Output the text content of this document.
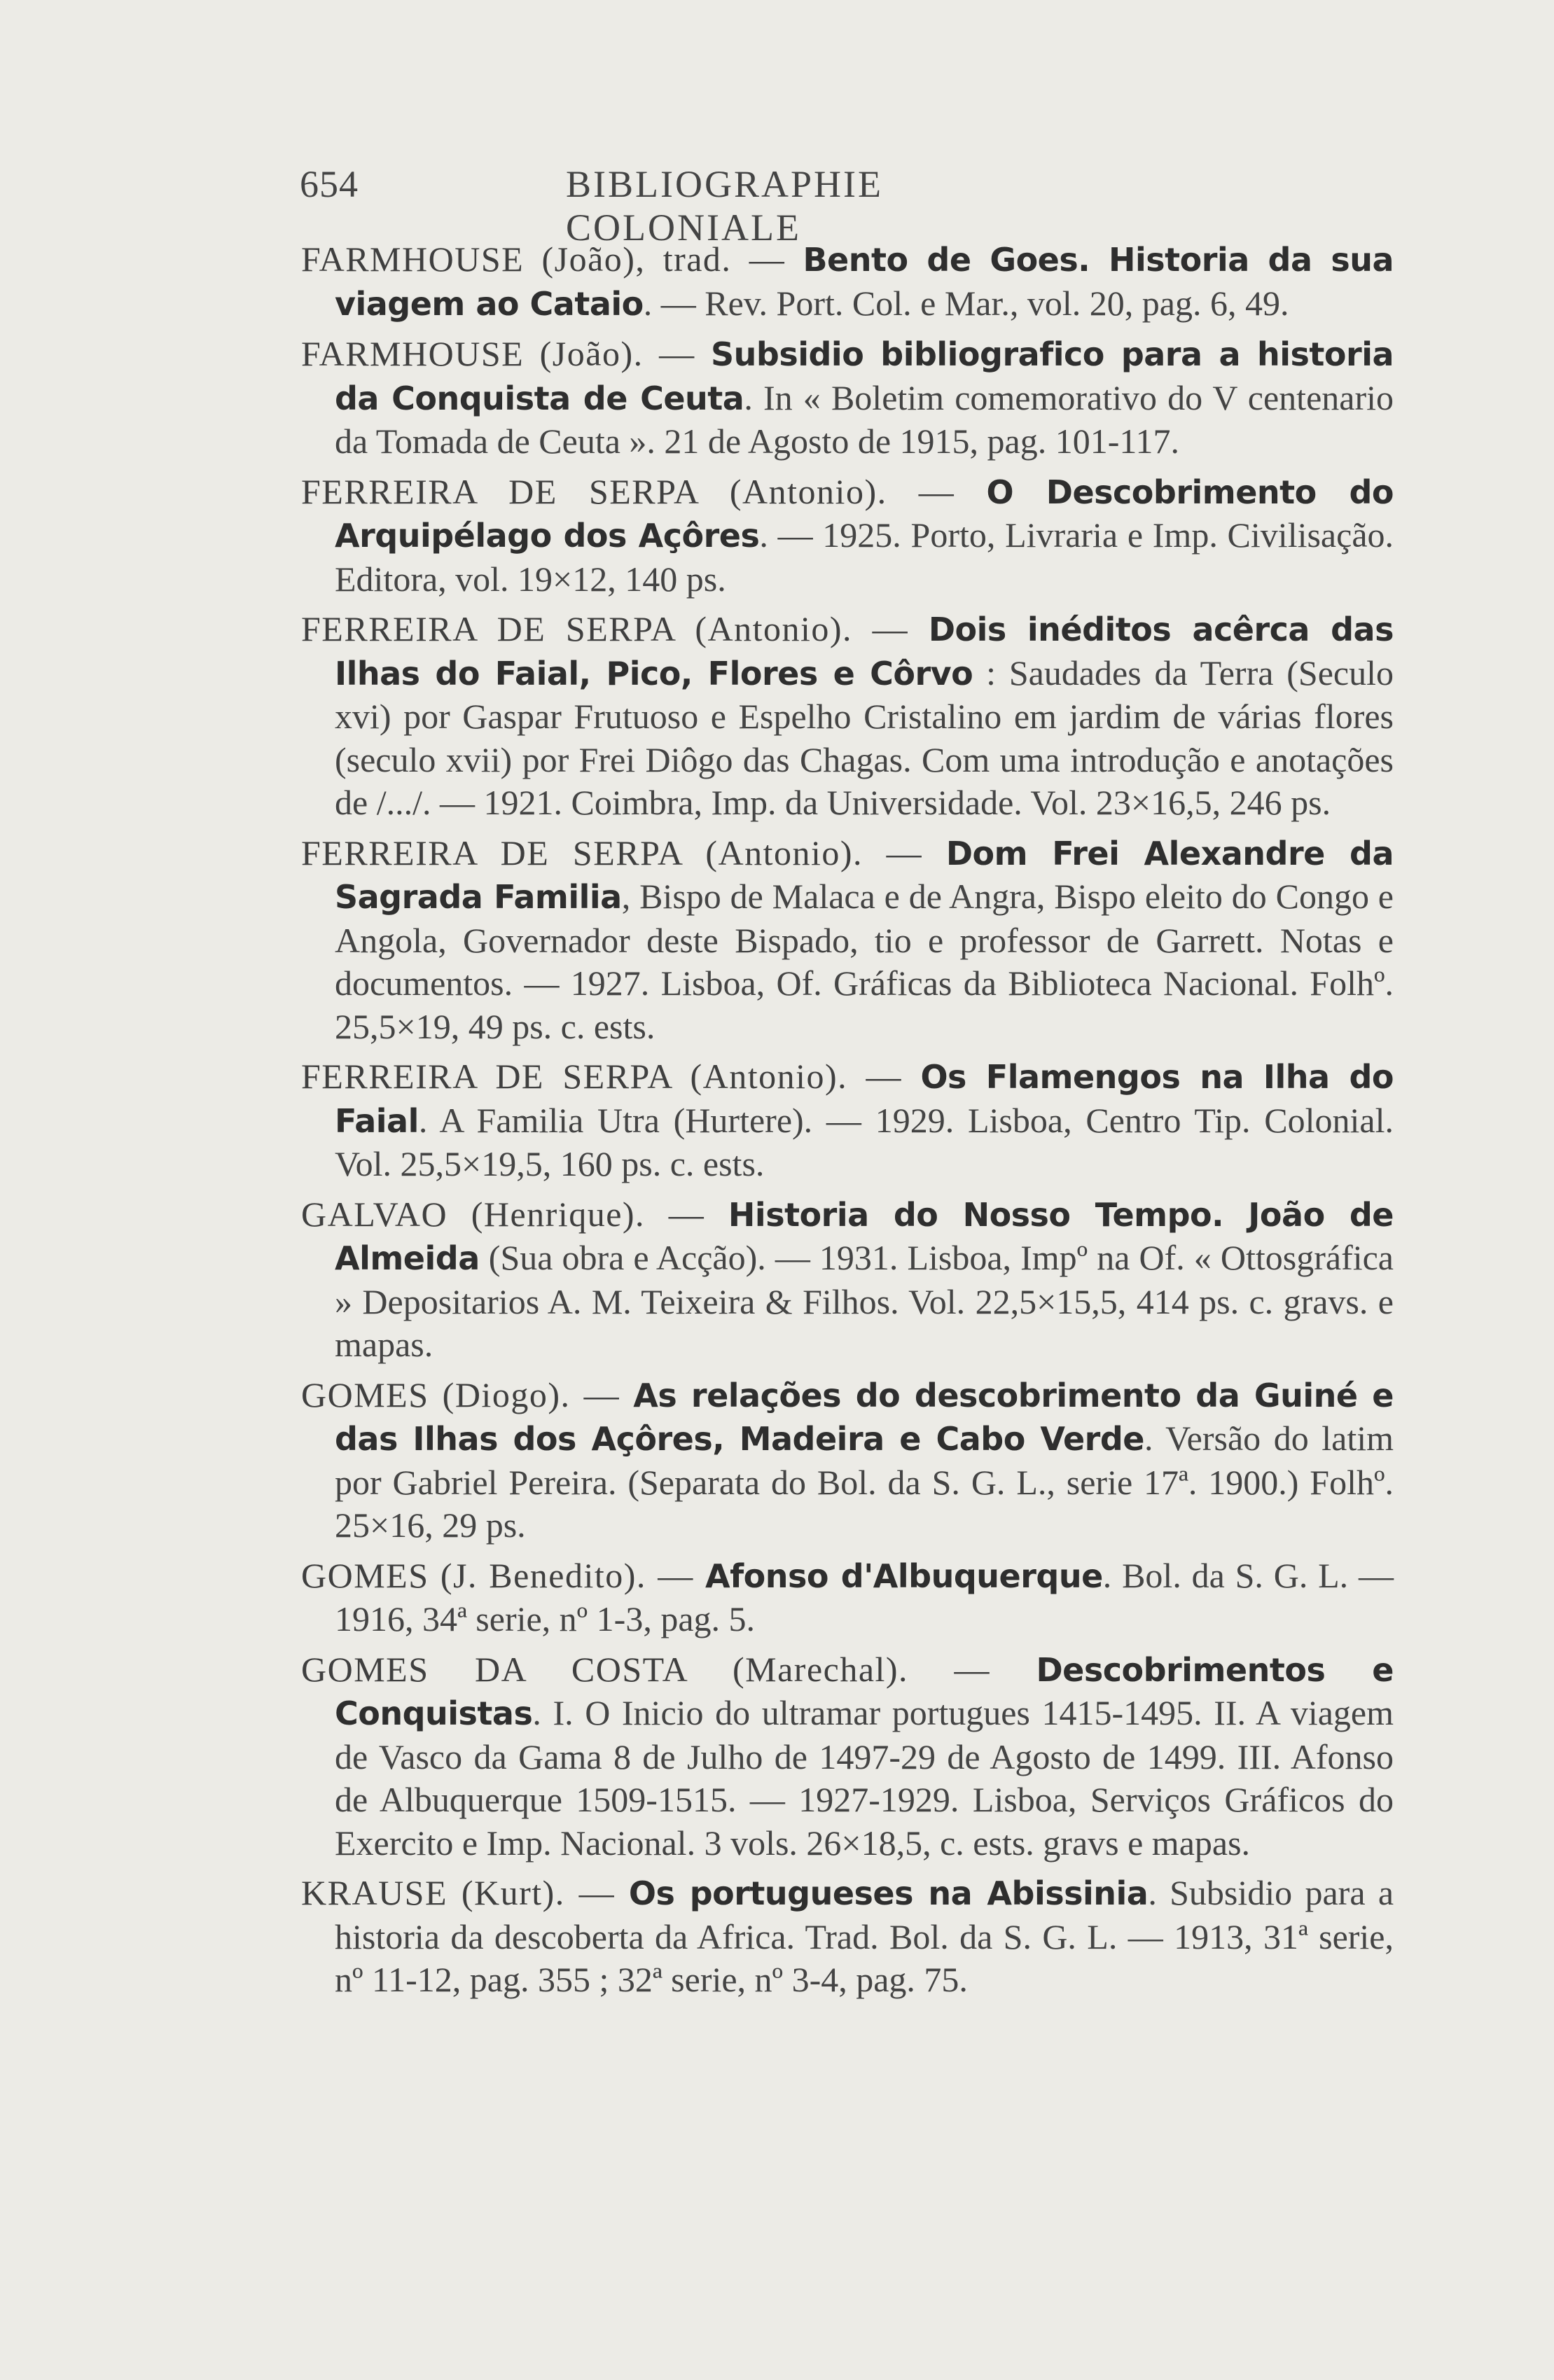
654	BIBLIOGRAPHIE COLONIALE

FARMHOUSE (João), trad. — Bento de Goes. Historia da sua viagem ao Cataio. — Rev. Port. Col. e Mar., vol. 20, pag. 6, 49.

FARMHOUSE (João). — Subsidio bibliografico para a historia da Conquista de Ceuta. In « Boletim comemorativo do V centenario da Tomada de Ceuta ». 21 de Agosto de 1915, pag. 101-117.

FERREIRA DE SERPA (Antonio). — O Descobrimento do Arquipélago dos Açôres. — 1925. Porto, Livraria e Imp. Civilisação. Editora, vol. 19×12, 140 ps.

FERREIRA DE SERPA (Antonio). — Dois inéditos acêrca das Ilhas do Faial, Pico, Flores e Côrvo : Saudades da Terra (Seculo xvi) por Gaspar Frutuoso e Espelho Cristalino em jardim de várias flores (seculo xvii) por Frei Diôgo das Chagas. Com uma introdução e anotações de /.../. — 1921. Coimbra, Imp. da Universidade. Vol. 23×16,5, 246 ps.

FERREIRA DE SERPA (Antonio). — Dom Frei Alexandre da Sagrada Familia, Bispo de Malaca e de Angra, Bispo eleito do Congo e Angola, Governador deste Bispado, tio e professor de Garrett. Notas e documentos. — 1927. Lisboa, Of. Gráficas da Biblioteca Nacional. Folhº. 25,5×19, 49 ps. c. ests.

FERREIRA DE SERPA (Antonio). — Os Flamengos na Ilha do Faial. A Familia Utra (Hurtere). — 1929. Lisboa, Centro Tip. Colonial. Vol. 25,5×19,5, 160 ps. c. ests.

GALVAO (Henrique). — Historia do Nosso Tempo. João de Almeida (Sua obra e Acção). — 1931. Lisboa, Impº na Of. « Ottosgráfica » Depositarios A. M. Teixeira & Filhos. Vol. 22,5×15,5, 414 ps. c. gravs. e mapas.

GOMES (Diogo). — As relações do descobrimento da Guiné e das Ilhas dos Açôres, Madeira e Cabo Verde. Versão do latim por Gabriel Pereira. (Separata do Bol. da S. G. L., serie 17ª. 1900.) Folhº. 25×16, 29 ps.

GOMES (J. Benedito). — Afonso d'Albuquerque. Bol. da S. G. L. — 1916, 34ª serie, nº 1-3, pag. 5.

GOMES DA COSTA (Marechal). — Descobrimentos e Conquistas. I. O Inicio do ultramar portugues 1415-1495. II. A viagem de Vasco da Gama 8 de Julho de 1497-29 de Agosto de 1499. III. Afonso de Albuquerque 1509-1515. — 1927-1929. Lisboa, Serviços Gráficos do Exercito e Imp. Nacional. 3 vols. 26×18,5, c. ests. gravs e mapas.

KRAUSE (Kurt). — Os portugueses na Abissinia. Subsidio para a historia da descoberta da Africa. Trad. Bol. da S. G. L. — 1913, 31ª serie, nº 11-12, pag. 355 ; 32ª serie, nº 3-4, pag. 75.
